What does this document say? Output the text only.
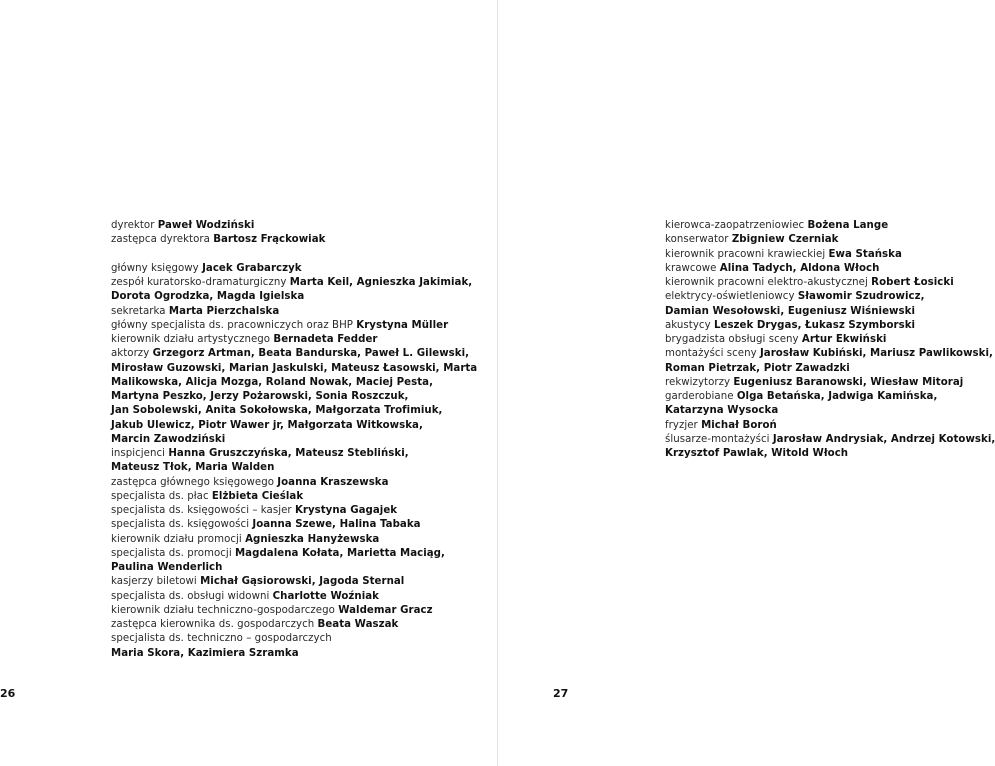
dyrektor Paweł Wodziński
zastępca dyrektora Bartosz Frąckowiak
główny księgowy Jacek Grabarczyk
zespół kuratorsko-dramaturgiczny Marta Keil, Agnieszka Jakimiak,
Dorota Ogrodzka, Magda Igielska
sekretarka Marta Pierzchalska
główny specjalista ds. pracowniczych oraz BHP Krystyna Müller
kierownik działu artystycznego Bernadeta Fedder
aktorzy Grzegorz Artman, Beata Bandurska, Paweł L. Gilewski,
Mirosław Guzowski, Marian Jaskulski, Mateusz Łasowski, Marta
Malikowska, Alicja Mozga, Roland Nowak, Maciej Pesta,
Martyna Peszko, Jerzy Pożarowski, Sonia Roszczuk,
Jan Sobolewski, Anita Sokołowska, Małgorzata Trofimiuk,
Jakub Ulewicz, Piotr Wawer jr, Małgorzata Witkowska,
Marcin Zawodziński
inspicjenci Hanna Gruszczyńska, Mateusz Stebliński,
Mateusz Tłok, Maria Walden
zastępca głównego księgowego Joanna Kraszewska
specjalista ds. płac Elżbieta Cieślak
specjalista ds. księgowości – kasjer Krystyna Gagajek
specjalista ds. księgowości Joanna Szewe, Halina Tabaka
kierownik działu promocji Agnieszka Hanyżewska
specjalista ds. promocji Magdalena Kołata, Marietta Maciąg,
Paulina Wenderlich
kasjerzy biletowi Michał Gąsiorowski, Jagoda Sternal
specjalista ds. obsługi widowni Charlotte Woźniak
kierownik działu techniczno-gospodarczego Waldemar Gracz
zastępca kierownika ds. gospodarczych Beata Waszak
specjalista ds. techniczno – gospodarczych
Maria Skora, Kazimiera Szramka
kierowca-zaopatrzeniowiec Bożena Lange
konserwator Zbigniew Czerniak
kierownik pracowni krawieckiej Ewa Stańska
krawcowe Alina Tadych, Aldona Włoch
kierownik pracowni elektro-akustycznej Robert Łosicki
elektrycy-oświetleniowcy Sławomir Szudrowicz,
Damian Wesołowski, Eugeniusz Wiśniewski
akustycy Leszek Drygas, Łukasz Szymborski
brygadzista obsługi sceny Artur Ekwiński
montażyści sceny Jarosław Kubiński, Mariusz Pawlikowski,
Roman Pietrzak, Piotr Zawadzki
rekwizytorzy Eugeniusz Baranowski, Wiesław Mitoraj
garderobiane Olga Betańska, Jadwiga Kamińska,
Katarzyna Wysocka
fryzjer Michał Boroń
ślusarze-montażyści Jarosław Andrysiak, Andrzej Kotowski,
Krzysztof Pawlak, Witold Włoch
26	27
